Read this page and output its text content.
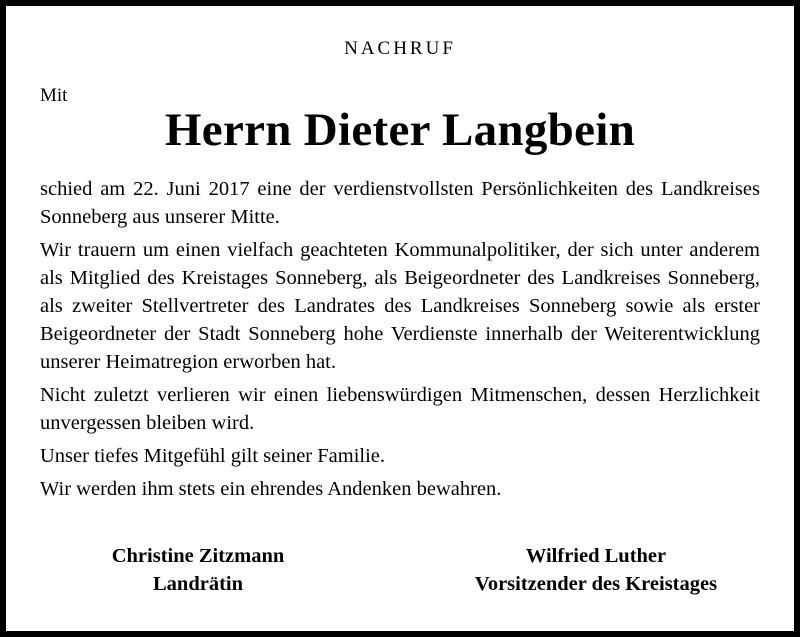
NACHRUF
Mit
Herrn Dieter Langbein

schied am 22. Juni 2017 eine der verdienstvollsten Persönlichkeiten des Landkreises Sonneberg aus unserer Mitte.

Wir trauern um einen vielfach geachteten Kommunalpolitiker, der sich unter anderem als Mitglied des Kreistages Sonneberg, als Beigeordneter des Landkreises Sonneberg, als zweiter Stellvertreter des Landrates des Landkreises Sonneberg sowie als erster Beigeordneter der Stadt Sonneberg hohe Verdienste innerhalb der Weiterentwicklung unserer Heimatregion erworben hat.

Nicht zuletzt verlieren wir einen liebenswürdigen Mitmenschen, dessen Herzlichkeit unvergessen bleiben wird.

Unser tiefes Mitgefühl gilt seiner Familie.

Wir werden ihm stets ein ehrendes Andenken bewahren.

Christine Zitzmann
Landrätin
Wilfried Luther
Vorsitzender des Kreistages
